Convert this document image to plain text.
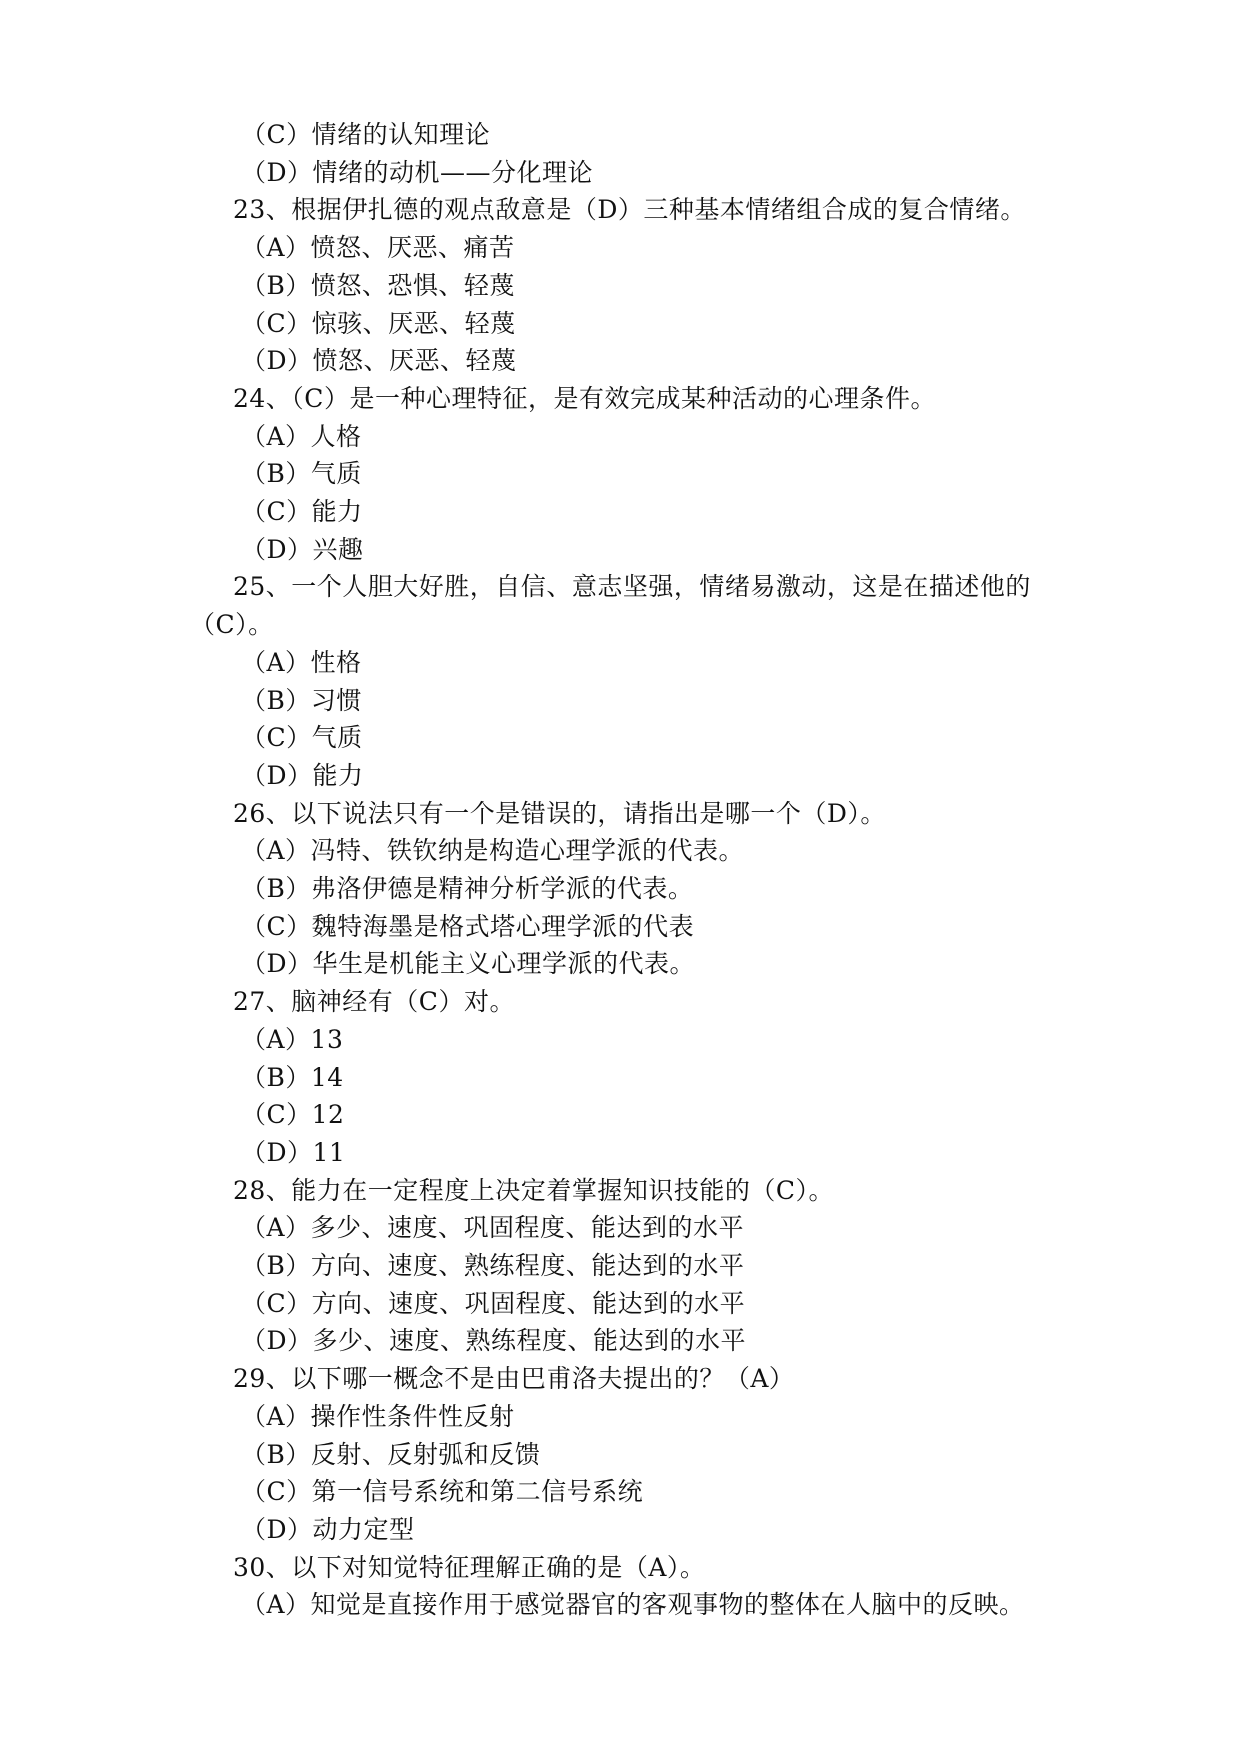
（C）情绪的认知理论
（D）情绪的动机——分化理论
23、根据伊扎德的观点敌意是（D）三种基本情绪组合成的复合情绪。
（A）愤怒、厌恶、痛苦
（B）愤怒、恐惧、轻蔑
（C）惊骇、厌恶、轻蔑
（D）愤怒、厌恶、轻蔑
24、（C）是一种心理特征，是有效完成某种活动的心理条件。
（A）人格
（B）气质
（C）能力
（D）兴趣
25、一个人胆大好胜，自信、意志坚强，情绪易激动，这是在描述他的
（C）。
（A）性格
（B）习惯
（C）气质
（D）能力
26、以下说法只有一个是错误的，请指出是哪一个（D）。
（A）冯特、铁钦纳是构造心理学派的代表。
（B）弗洛伊德是精神分析学派的代表。
（C）魏特海墨是格式塔心理学派的代表
（D）华生是机能主义心理学派的代表。
27、脑神经有（C）对。
（A）13
（B）14
（C）12
（D）11
28、能力在一定程度上决定着掌握知识技能的（C）。
（A）多少、速度、巩固程度、能达到的水平
（B）方向、速度、熟练程度、能达到的水平
（C）方向、速度、巩固程度、能达到的水平
（D）多少、速度、熟练程度、能达到的水平
29、以下哪一概念不是由巴甫洛夫提出的？（A）
（A）操作性条件性反射
（B）反射、反射弧和反馈
（C）第一信号系统和第二信号系统
（D）动力定型
30、以下对知觉特征理解正确的是（A）。
（A）知觉是直接作用于感觉器官的客观事物的整体在人脑中的反映。
